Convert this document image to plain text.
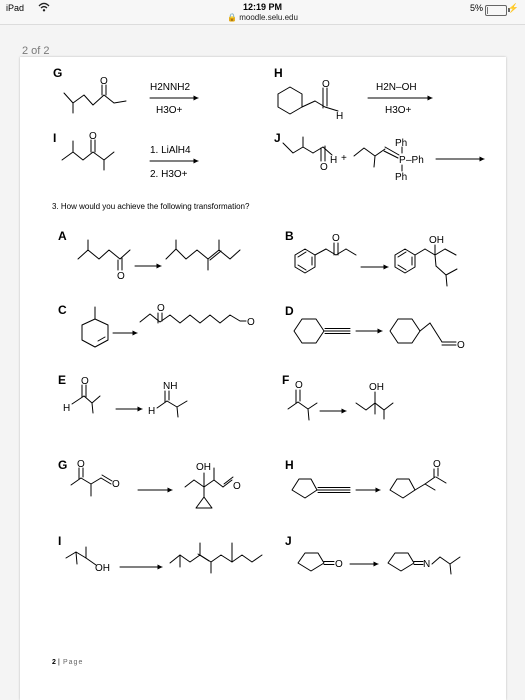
iPad	12:19 PM
🔒 moodle.selu.edu
5%	⚡
2 of 2
G	H
I	J
A	B
C	D
E	F
G	H
I	J
H2NNH2
H3O+
H2N–OH
H3O+
1. LiAlH4
2. H3O+
+
O	O
H
O
O
H
Ph
P –Ph
Ph
O
O	OH
O
O
O
O
H
NH
H
O	OH
O
O
OH
O
O
OH	O	N
3. How would you achieve the following transformation?
2 | Page
